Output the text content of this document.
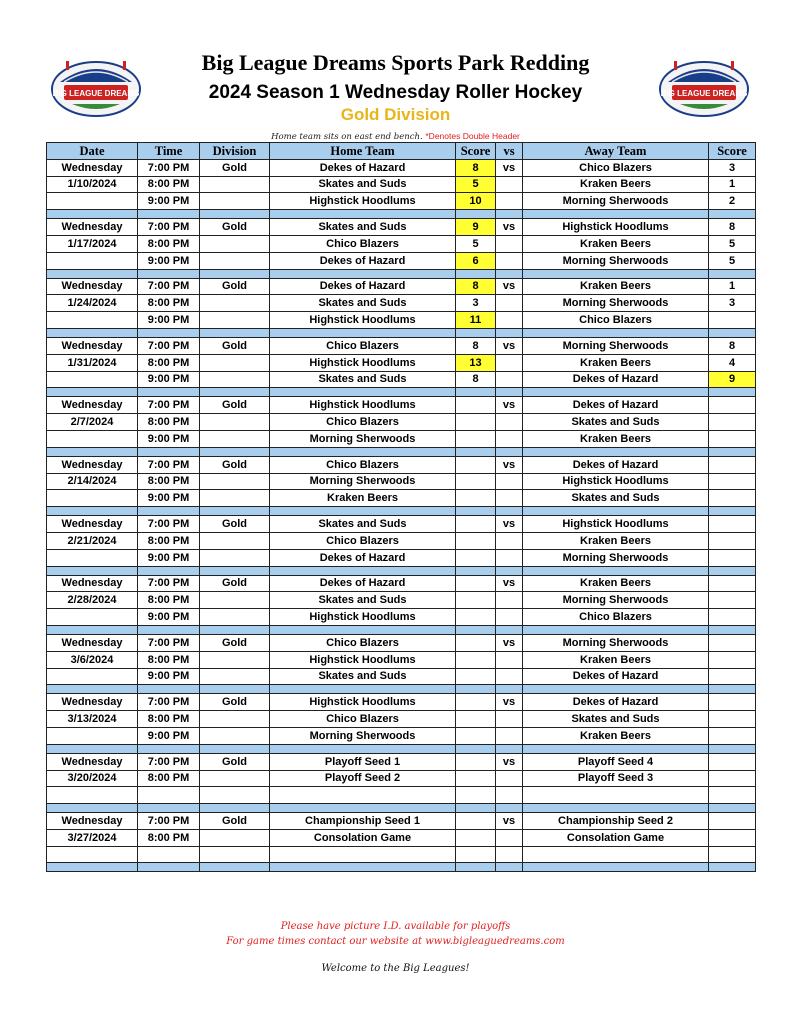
BIG LEAGUE DREAMS	BIG LEAGUE DREAMS
Big League Dreams Sports Park Redding
2024 Season 1 Wednesday Roller Hockey
Gold Division
Home team sits on east end bench. *Denotes Double Header
Date	Time	Division	Home Team	Score	vs	Away Team	Score
Wednesday	7:00 PM	Gold	Dekes of Hazard	8	vs	Chico Blazers	3
1/10/2024	8:00 PM		Skates and Suds	5		Kraken Beers	1
	9:00 PM		Highstick Hoodlums	10		Morning Sherwoods	2

Wednesday	7:00 PM	Gold	Skates and Suds	9	vs	Highstick Hoodlums	8
1/17/2024	8:00 PM		Chico Blazers	5		Kraken Beers	5
	9:00 PM		Dekes of Hazard	6		Morning Sherwoods	5

Wednesday	7:00 PM	Gold	Dekes of Hazard	8	vs	Kraken Beers	1
1/24/2024	8:00 PM		Skates and Suds	3		Morning Sherwoods	3
	9:00 PM		Highstick Hoodlums	11		Chico Blazers	

Wednesday	7:00 PM	Gold	Chico Blazers	8	vs	Morning Sherwoods	8
1/31/2024	8:00 PM		Highstick Hoodlums	13		Kraken Beers	4
	9:00 PM		Skates and Suds	8		Dekes of Hazard	9

Wednesday	7:00 PM	Gold	Highstick Hoodlums		vs	Dekes of Hazard	
2/7/2024	8:00 PM		Chico Blazers			Skates and Suds	
	9:00 PM		Morning Sherwoods			Kraken Beers	

Wednesday	7:00 PM	Gold	Chico Blazers		vs	Dekes of Hazard	
2/14/2024	8:00 PM		Morning Sherwoods			Highstick Hoodlums	
	9:00 PM		Kraken Beers			Skates and Suds	

Wednesday	7:00 PM	Gold	Skates and Suds		vs	Highstick Hoodlums	
2/21/2024	8:00 PM		Chico Blazers			Kraken Beers	
	9:00 PM		Dekes of Hazard			Morning Sherwoods	

Wednesday	7:00 PM	Gold	Dekes of Hazard		vs	Kraken Beers	
2/28/2024	8:00 PM		Skates and Suds			Morning Sherwoods	
	9:00 PM		Highstick Hoodlums			Chico Blazers	

Wednesday	7:00 PM	Gold	Chico Blazers		vs	Morning Sherwoods	
3/6/2024	8:00 PM		Highstick Hoodlums			Kraken Beers	
	9:00 PM		Skates and Suds			Dekes of Hazard	

Wednesday	7:00 PM	Gold	Highstick Hoodlums		vs	Dekes of Hazard	
3/13/2024	8:00 PM		Chico Blazers			Skates and Suds	
	9:00 PM		Morning Sherwoods			Kraken Beers	

Wednesday	7:00 PM	Gold	Playoff Seed 1		vs	Playoff Seed 4	
3/20/2024	8:00 PM		Playoff Seed 2			Playoff Seed 3	

Wednesday	7:00 PM	Gold	Championship Seed 1		vs	Championship Seed 2	
3/27/2024	8:00 PM		Consolation Game			Consolation Game	

Please have picture I.D. available for playoffs
For game times contact our website at www.bigleaguedreams.com
Welcome to the Big Leagues!
